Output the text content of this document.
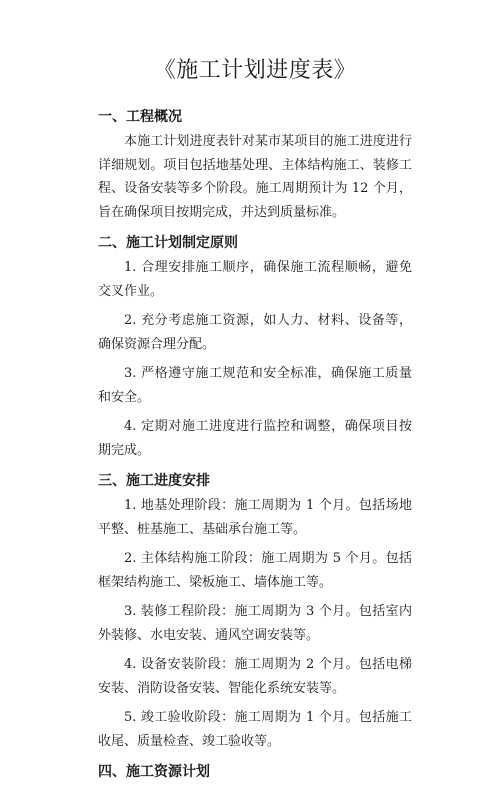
《施工计划进度表》
一、工程概况

本施工计划进度表针对某市某项目的施工进度进行详细规划。项目包括地基处理、主体结构施工、装修工程、设备安装等多个阶段。施工周期预计为 12 个月，旨在确保项目按期完成，并达到质量标准。

二、施工计划制定原则

1. 合理安排施工顺序，确保施工流程顺畅，避免交叉作业。

2. 充分考虑施工资源，如人力、材料、设备等，确保资源合理分配。

3. 严格遵守施工规范和安全标准，确保施工质量和安全。

4. 定期对施工进度进行监控和调整，确保项目按期完成。

三、施工进度安排

1. 地基处理阶段：施工周期为 1 个月。包括场地平整、桩基施工、基础承台施工等。

2. 主体结构施工阶段：施工周期为 5 个月。包括框架结构施工、梁板施工、墙体施工等。

3. 装修工程阶段：施工周期为 3 个月。包括室内外装修、水电安装、通风空调安装等。

4. 设备安装阶段：施工周期为 2 个月。包括电梯安装、消防设备安装、智能化系统安装等。

5. 竣工验收阶段：施工周期为 1 个月。包括施工收尾、质量检查、竣工验收等。

四、施工资源计划
